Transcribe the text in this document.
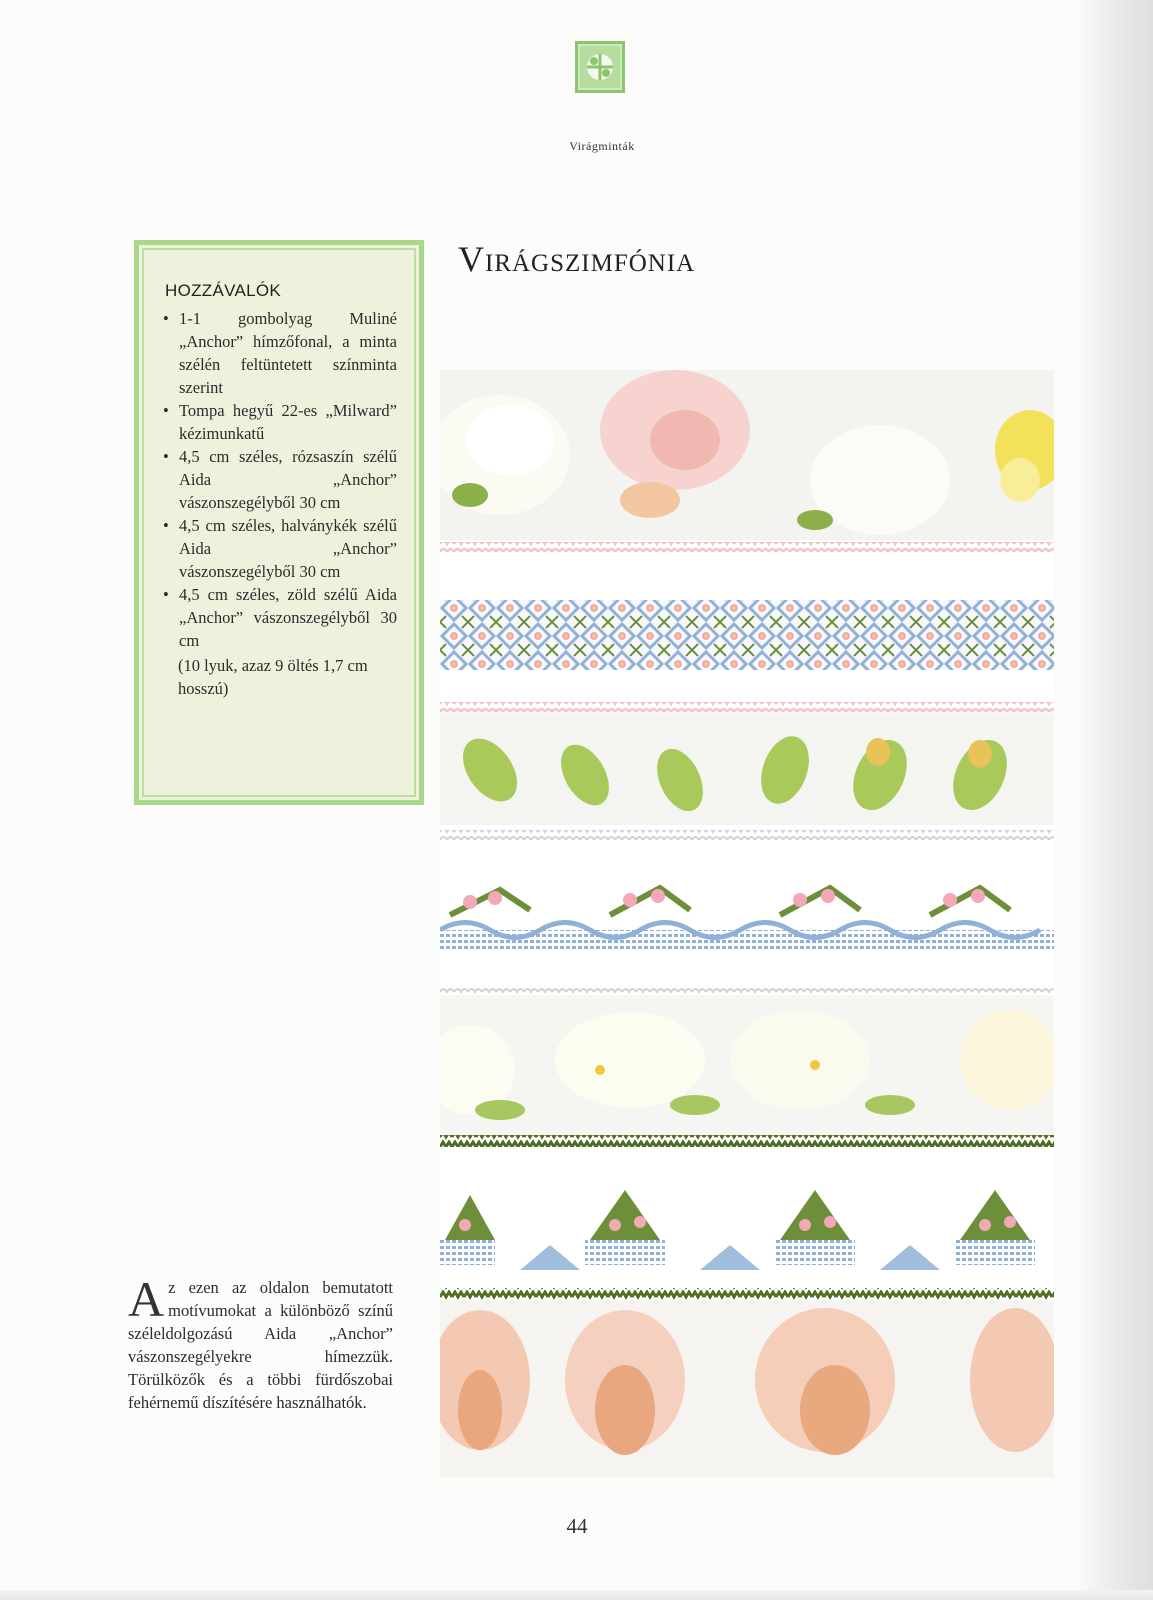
Virágminták
Virágszimfónia
HOZZÁVALÓK
• 1-1 gombolyag Muliné „Anchor” hímzőfonal, a minta szélén feltüntetett színminta szerint
• Tompa hegyű 22-es „Milward” kézimunkatű
• 4,5 cm széles, rózsaszín szélű Aida „Anchor” vászonszegélyből 30 cm
• 4,5 cm széles, halványkék szélű Aida „Anchor” vászonszegélyből 30 cm
• 4,5 cm széles, zöld szélű Aida „Anchor” vászonszegélyből 30 cm
(10 lyuk, azaz 9 öltés 1,7 cm hosszú)

Az ezen az oldalon bemutatott motívumokat a különböző színű széleldolgozású Aida „Anchor” vászonszegélyekre hímezzük. Törülközők és a többi fürdőszobai fehérnemű díszítésére használhatók.

44
